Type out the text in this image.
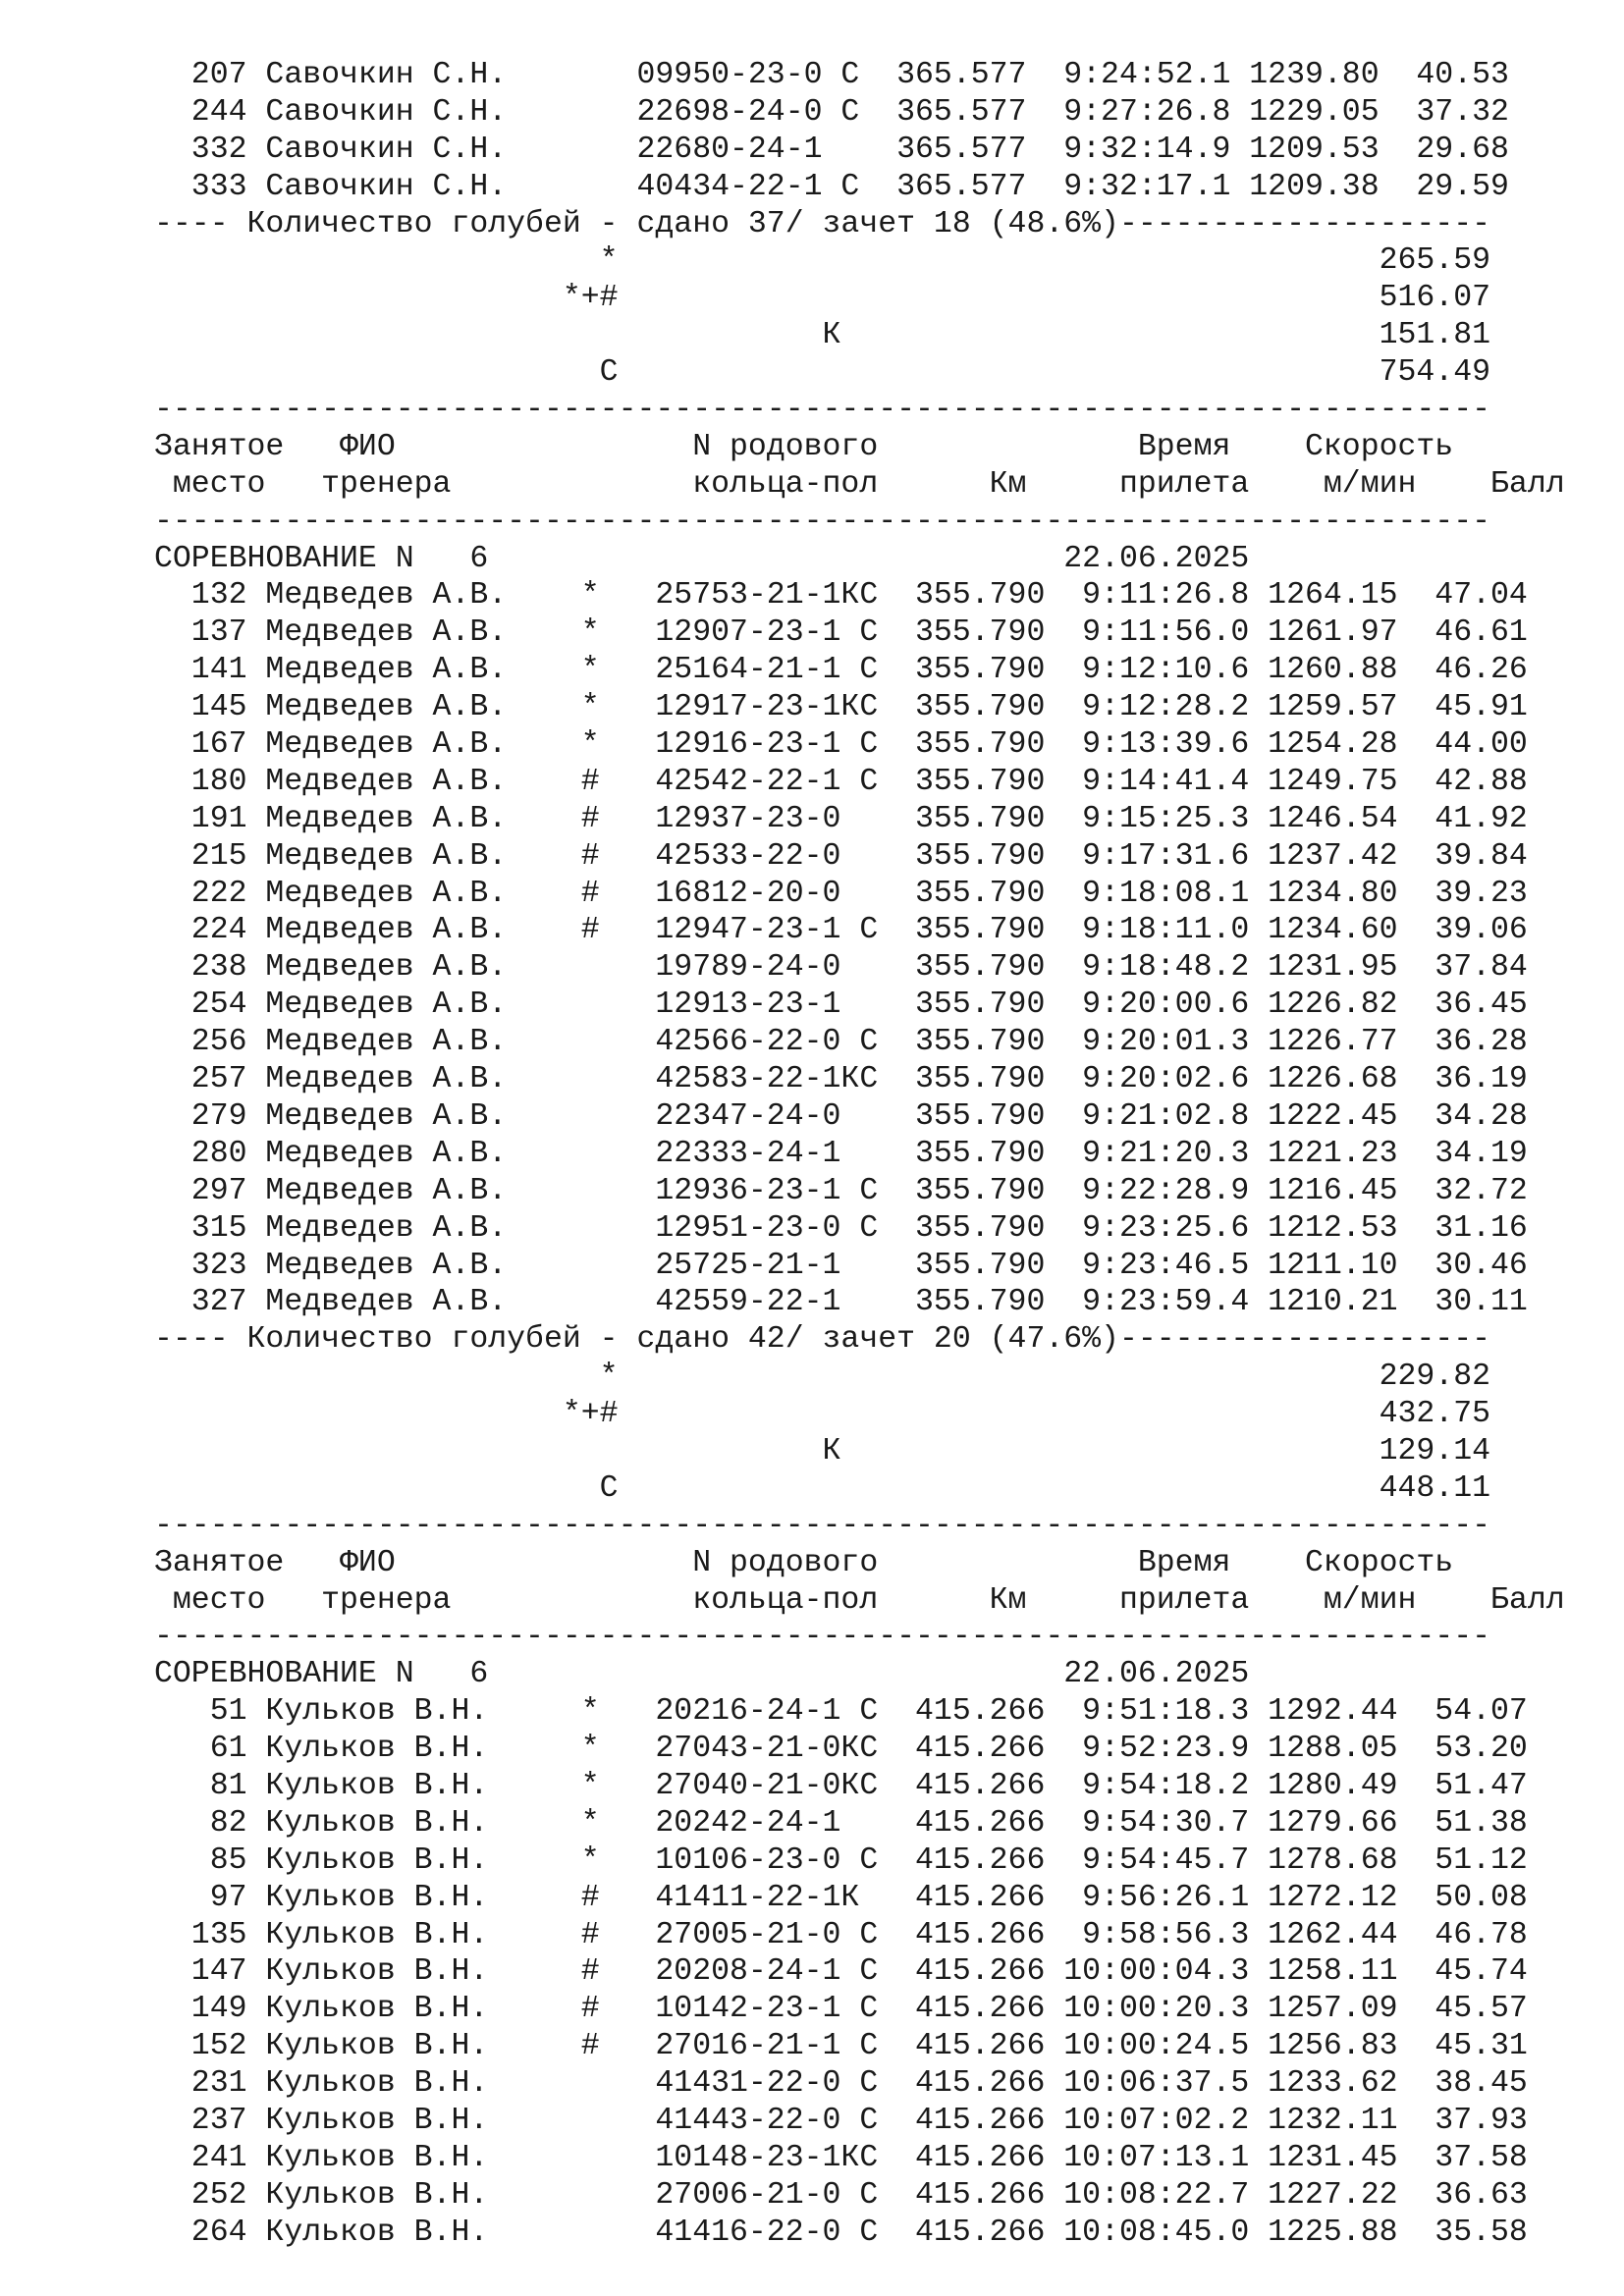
207 Савочкин С.Н.       09950-23-0 С  365.577  9:24:52.1 1239.80  40.53
244 Савочкин С.Н.       22698-24-0 С  365.577  9:27:26.8 1229.05  37.32
332 Савочкин С.Н.       22680-24-1    365.577  9:32:14.9 1209.53  29.68
333 Савочкин С.Н.       40434-22-1 С  365.577  9:32:17.1 1209.38  29.59
---- Количество голубей - сдано 37/ зачет 18 (48.6%)--------------------
*                                         265.59
*+#                                         516.07
К                             151.81
С                                         754.49
------------------------------------------------------------------------
Занятое   ФИО                N родового              Время    Скорость
место   тренера             кольца-пол      Км     прилета    м/мин    Балл
------------------------------------------------------------------------
СОРЕВНОВАНИЕ N   6                               22.06.2025
132 Медведев А.В.    *   25753-21-1КС  355.790  9:11:26.8 1264.15  47.04
137 Медведев А.В.    *   12907-23-1 С  355.790  9:11:56.0 1261.97  46.61
141 Медведев А.В.    *   25164-21-1 С  355.790  9:12:10.6 1260.88  46.26
145 Медведев А.В.    *   12917-23-1КС  355.790  9:12:28.2 1259.57  45.91
167 Медведев А.В.    *   12916-23-1 С  355.790  9:13:39.6 1254.28  44.00
180 Медведев А.В.    #   42542-22-1 С  355.790  9:14:41.4 1249.75  42.88
191 Медведев А.В.    #   12937-23-0    355.790  9:15:25.3 1246.54  41.92
215 Медведев А.В.    #   42533-22-0    355.790  9:17:31.6 1237.42  39.84
222 Медведев А.В.    #   16812-20-0    355.790  9:18:08.1 1234.80  39.23
224 Медведев А.В.    #   12947-23-1 С  355.790  9:18:11.0 1234.60  39.06
238 Медведев А.В.        19789-24-0    355.790  9:18:48.2 1231.95  37.84
254 Медведев А.В.        12913-23-1    355.790  9:20:00.6 1226.82  36.45
256 Медведев А.В.        42566-22-0 С  355.790  9:20:01.3 1226.77  36.28
257 Медведев А.В.        42583-22-1КС  355.790  9:20:02.6 1226.68  36.19
279 Медведев А.В.        22347-24-0    355.790  9:21:02.8 1222.45  34.28
280 Медведев А.В.        22333-24-1    355.790  9:21:20.3 1221.23  34.19
297 Медведев А.В.        12936-23-1 С  355.790  9:22:28.9 1216.45  32.72
315 Медведев А.В.        12951-23-0 С  355.790  9:23:25.6 1212.53  31.16
323 Медведев А.В.        25725-21-1    355.790  9:23:46.5 1211.10  30.46
327 Медведев А.В.        42559-22-1    355.790  9:23:59.4 1210.21  30.11
---- Количество голубей - сдано 42/ зачет 20 (47.6%)--------------------
*                                         229.82
*+#                                         432.75
К                             129.14
С                                         448.11
------------------------------------------------------------------------
Занятое   ФИО                N родового              Время    Скорость
место   тренера             кольца-пол      Км     прилета    м/мин    Балл
------------------------------------------------------------------------
СОРЕВНОВАНИЕ N   6                               22.06.2025
51 Кульков В.Н.     *   20216-24-1 С  415.266  9:51:18.3 1292.44  54.07
61 Кульков В.Н.     *   27043-21-0КС  415.266  9:52:23.9 1288.05  53.20
81 Кульков В.Н.     *   27040-21-0КС  415.266  9:54:18.2 1280.49  51.47
82 Кульков В.Н.     *   20242-24-1    415.266  9:54:30.7 1279.66  51.38
85 Кульков В.Н.     *   10106-23-0 С  415.266  9:54:45.7 1278.68  51.12
97 Кульков В.Н.     #   41411-22-1К   415.266  9:56:26.1 1272.12  50.08
135 Кульков В.Н.     #   27005-21-0 С  415.266  9:58:56.3 1262.44  46.78
147 Кульков В.Н.     #   20208-24-1 С  415.266 10:00:04.3 1258.11  45.74
149 Кульков В.Н.     #   10142-23-1 С  415.266 10:00:20.3 1257.09  45.57
152 Кульков В.Н.     #   27016-21-1 С  415.266 10:00:24.5 1256.83  45.31
231 Кульков В.Н.         41431-22-0 С  415.266 10:06:37.5 1233.62  38.45
237 Кульков В.Н.         41443-22-0 С  415.266 10:07:02.2 1232.11  37.93
241 Кульков В.Н.         10148-23-1КС  415.266 10:07:13.1 1231.45  37.58
252 Кульков В.Н.         27006-21-0 С  415.266 10:08:22.7 1227.22  36.63
264 Кульков В.Н.         41416-22-0 С  415.266 10:08:45.0 1225.88  35.58
